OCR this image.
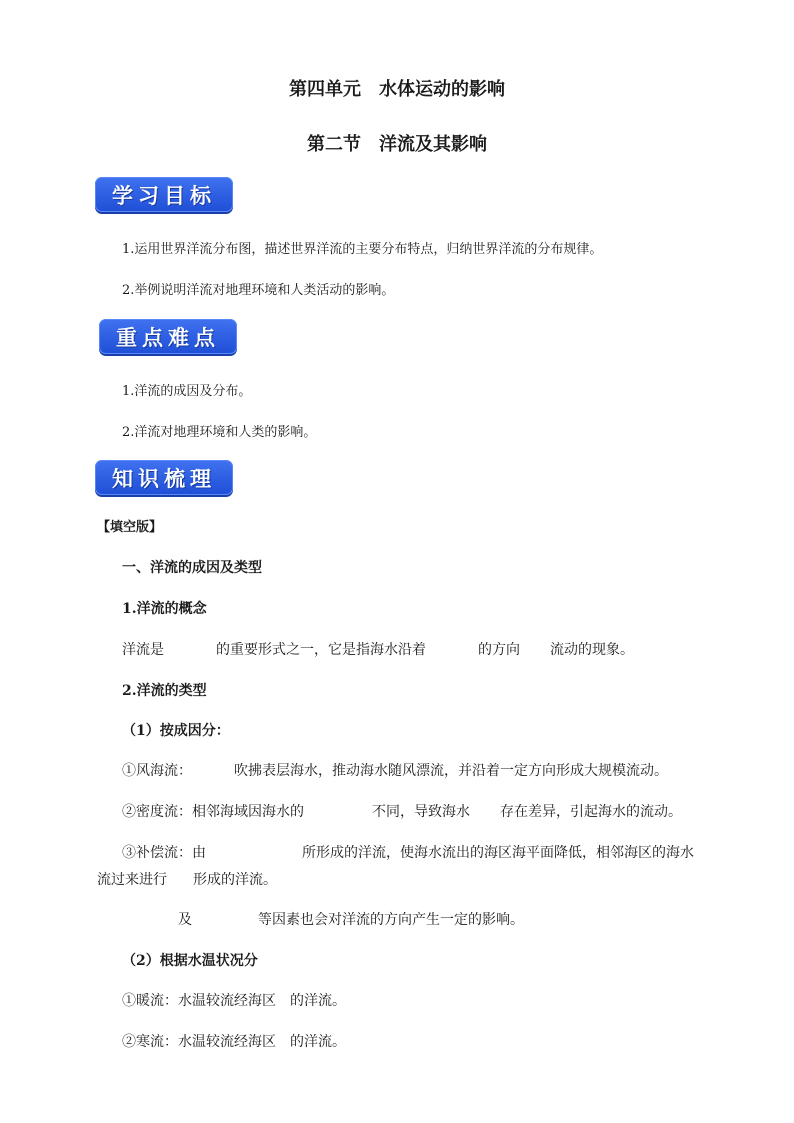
第四单元　水体运动的影响
第二节　洋流及其影响
学习目标
1.运用世界洋流分布图，描述世界洋流的主要分布特点，归纳世界洋流的分布规律。
2.举例说明洋流对地理环境和人类活动的影响。
重点难点
1.洋流的成因及分布。
2.洋流对地理环境和人类的影响。
知识梳理
【填空版】
一、洋流的成因及类型
1.洋流的概念
洋流是	的重要形式之一，它是指海水沿着	的方向 流动的现象。
2.洋流的类型
（1）按成因分：
①风海流：	吹拂表层海水，推动海水随风漂流，并沿着一定方向形成大规模流动。
②密度流：相邻海域因海水的	不同，导致海水 存在差异，引起海水的流动。
③补偿流：由	所形成的洋流，使海水流出的海区海平面降低，相邻海区的海水
流过来进行 形成的洋流。
及	等因素也会对洋流的方向产生一定的影响。
（2）根据水温状况分
①暖流：水温较流经海区 的洋流。
②寒流：水温较流经海区 的洋流。
